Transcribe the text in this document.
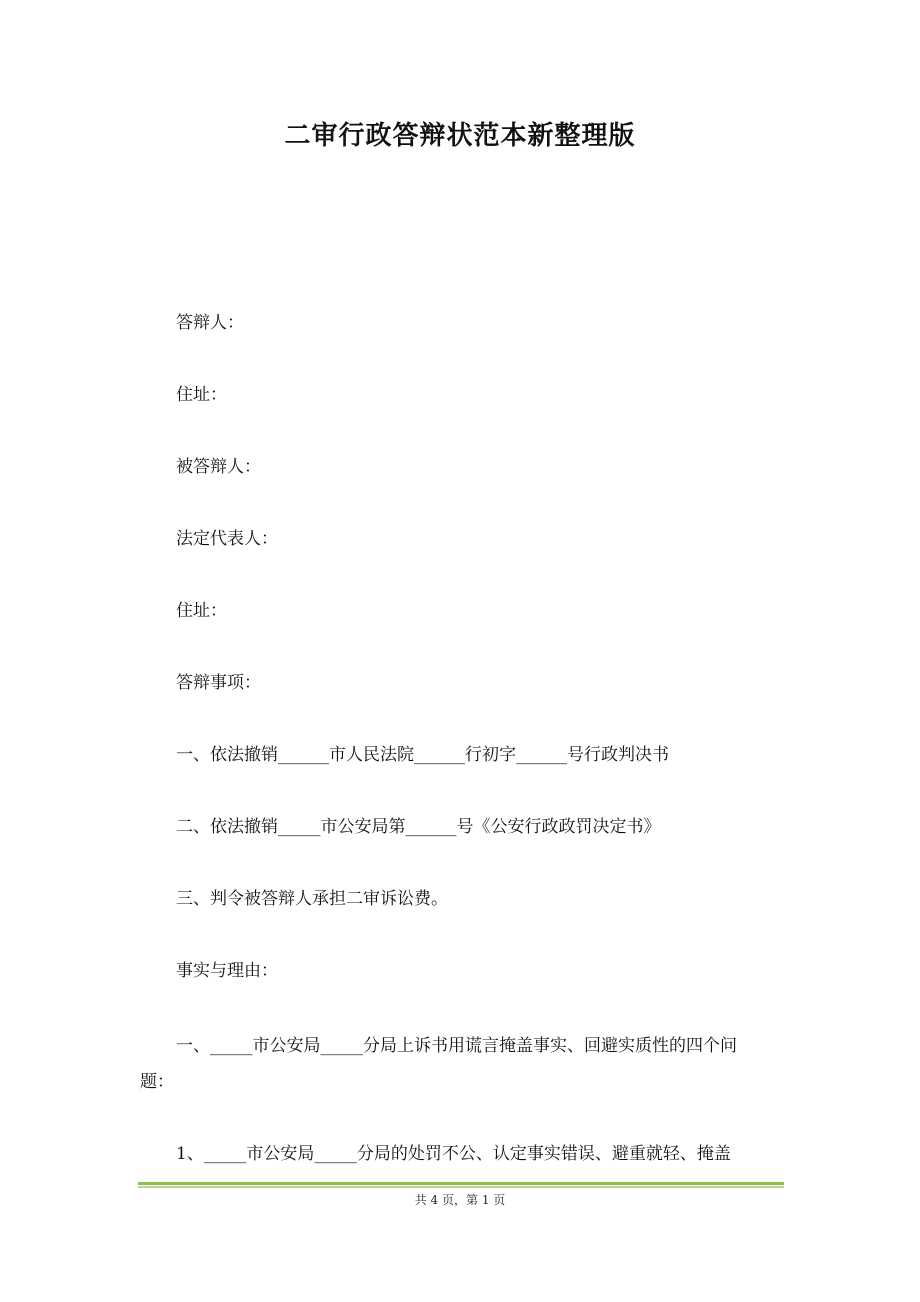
二审行政答辩状范本新整理版
答辩人：
住址：
被答辩人：
法定代表人：
住址：
答辩事项：
一、依法撤销______市人民法院______行初字______号行政判决书
二、依法撤销_____市公安局第______号《公安行政政罚决定书》
三、判令被答辩人承担二审诉讼费。
事实与理由：
一、_____市公安局_____分局上诉书用谎言掩盖事实、回避实质性的四个问
题：
1、_____市公安局_____分局的处罚不公、认定事实错误、避重就轻、掩盖
共 4 页，第 1 页
